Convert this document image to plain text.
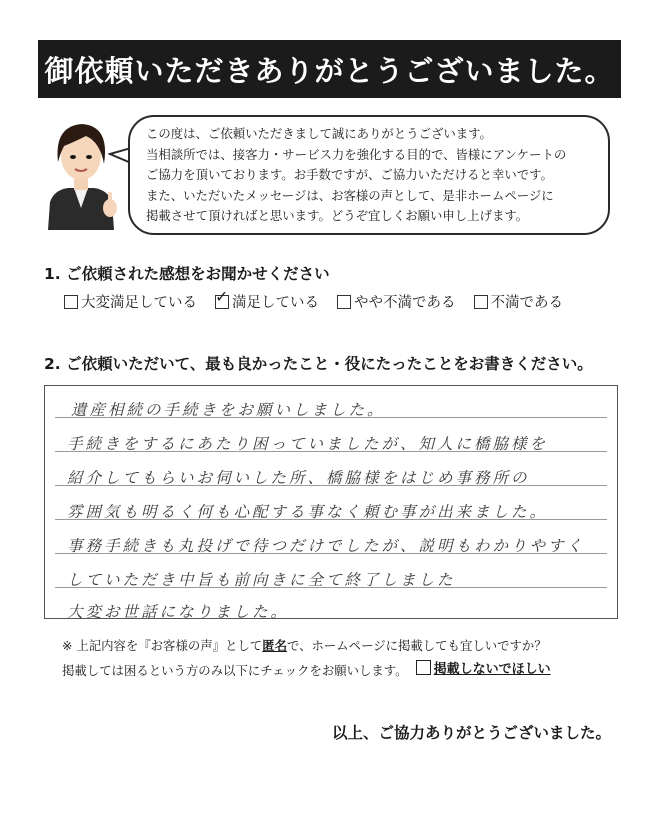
御依頼いただきありがとうございました。
この度は、ご依頼いただきまして誠にありがとうございます。
当相談所では、接客力・サービス力を強化する目的で、皆様にアンケートの
ご協力を頂いております。お手数ですが、ご協力いただけると幸いです。
また、いただいたメッセージは、お客様の声として、是非ホームページに
掲載させて頂ければと思います。どうぞ宜しくお願い申し上げます。
1. ご依頼された感想をお聞かせください
大変満足している ✓ 満足している やや不満である 不満である
2. ご依頼いただいて、最も良かったこと・役にたったことをお書きください。
遺産相続の手続きをお願いしました。
手続きをするにあたり困っていましたが、知人に橋脇様を
紹介してもらいお伺いした所、橋脇様をはじめ事務所の
雰囲気も明るく何も心配する事なく頼む事が出来ました。
事務手続きも丸投げで待つだけでしたが、説明もわかりやすく
していただき中旨も前向きに全て終了しました
大変お世話になりました。
※ 上記内容を『お客様の声』として匿名で、ホームページに掲載しても宜しいですか？
掲載しては困るという方のみ以下にチェックをお願いします。 掲載しないでほしい
以上、ご協力ありがとうございました。
